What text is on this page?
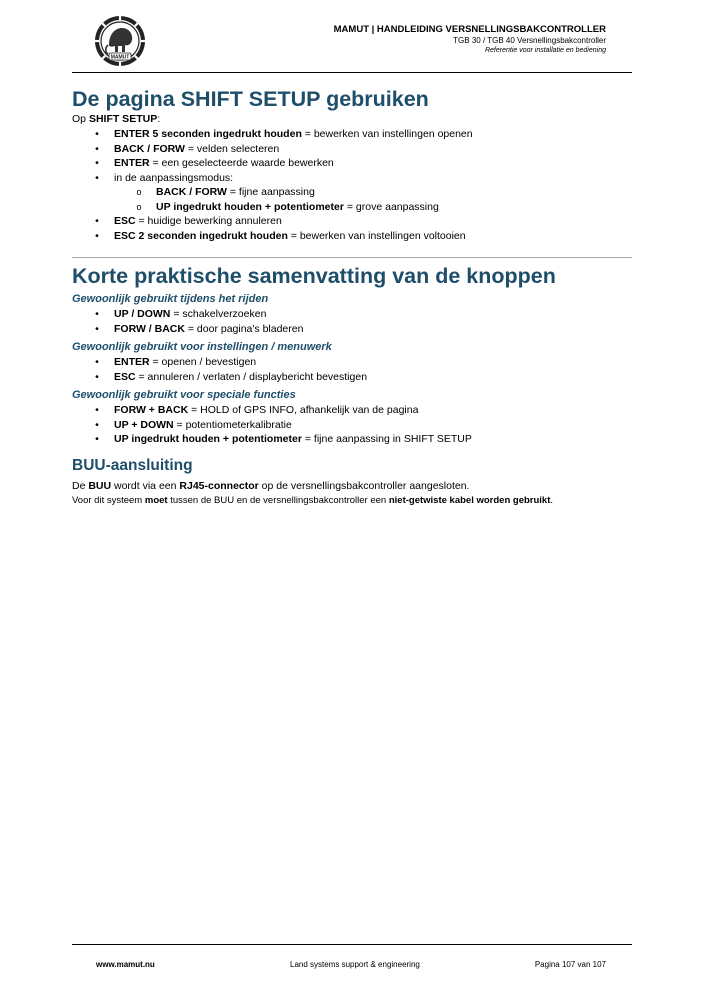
MAMUT
MAMUT | HANDLEIDING VERSNELLINGSBAKCONTROLLER
TGB 30 / TGB 40 Versnellingsbakcontroller
Referentie voor installatie en bediening
De pagina SHIFT SETUP gebruiken
Op SHIFT SETUP:
•	ENTER 5 seconden ingedrukt houden = bewerken van instellingen openen
•	BACK / FORW = velden selecteren
•	ENTER = een geselecteerde waarde bewerken
•	in de aanpassingsmodus:
o BACK / FORW = fijne aanpassing
o UP ingedrukt houden + potentiometer = grove aanpassing
•	ESC = huidige bewerking annuleren
•	ESC 2 seconden ingedrukt houden = bewerken van instellingen voltooien
Korte praktische samenvatting van de knoppen
Gewoonlijk gebruikt tijdens het rijden
•	UP / DOWN = schakelverzoeken
•	FORW / BACK = door pagina's bladeren
Gewoonlijk gebruikt voor instellingen / menuwerk
•	ENTER = openen / bevestigen
•	ESC = annuleren / verlaten / displaybericht bevestigen
Gewoonlijk gebruikt voor speciale functies
•	FORW + BACK = HOLD of GPS INFO, afhankelijk van de pagina
•	UP + DOWN = potentiometerkalibratie
•	UP ingedrukt houden + potentiometer = fijne aanpassing in SHIFT SETUP
BUU-aansluiting
De BUU wordt via een RJ45-connector op de versnellingsbakcontroller aangesloten.
Voor dit systeem moet tussen de BUU en de versnellingsbakcontroller een niet-getwiste kabel worden gebruikt.
www.mamut.nu	Land systems support & engineering	Pagina 107 van 107
